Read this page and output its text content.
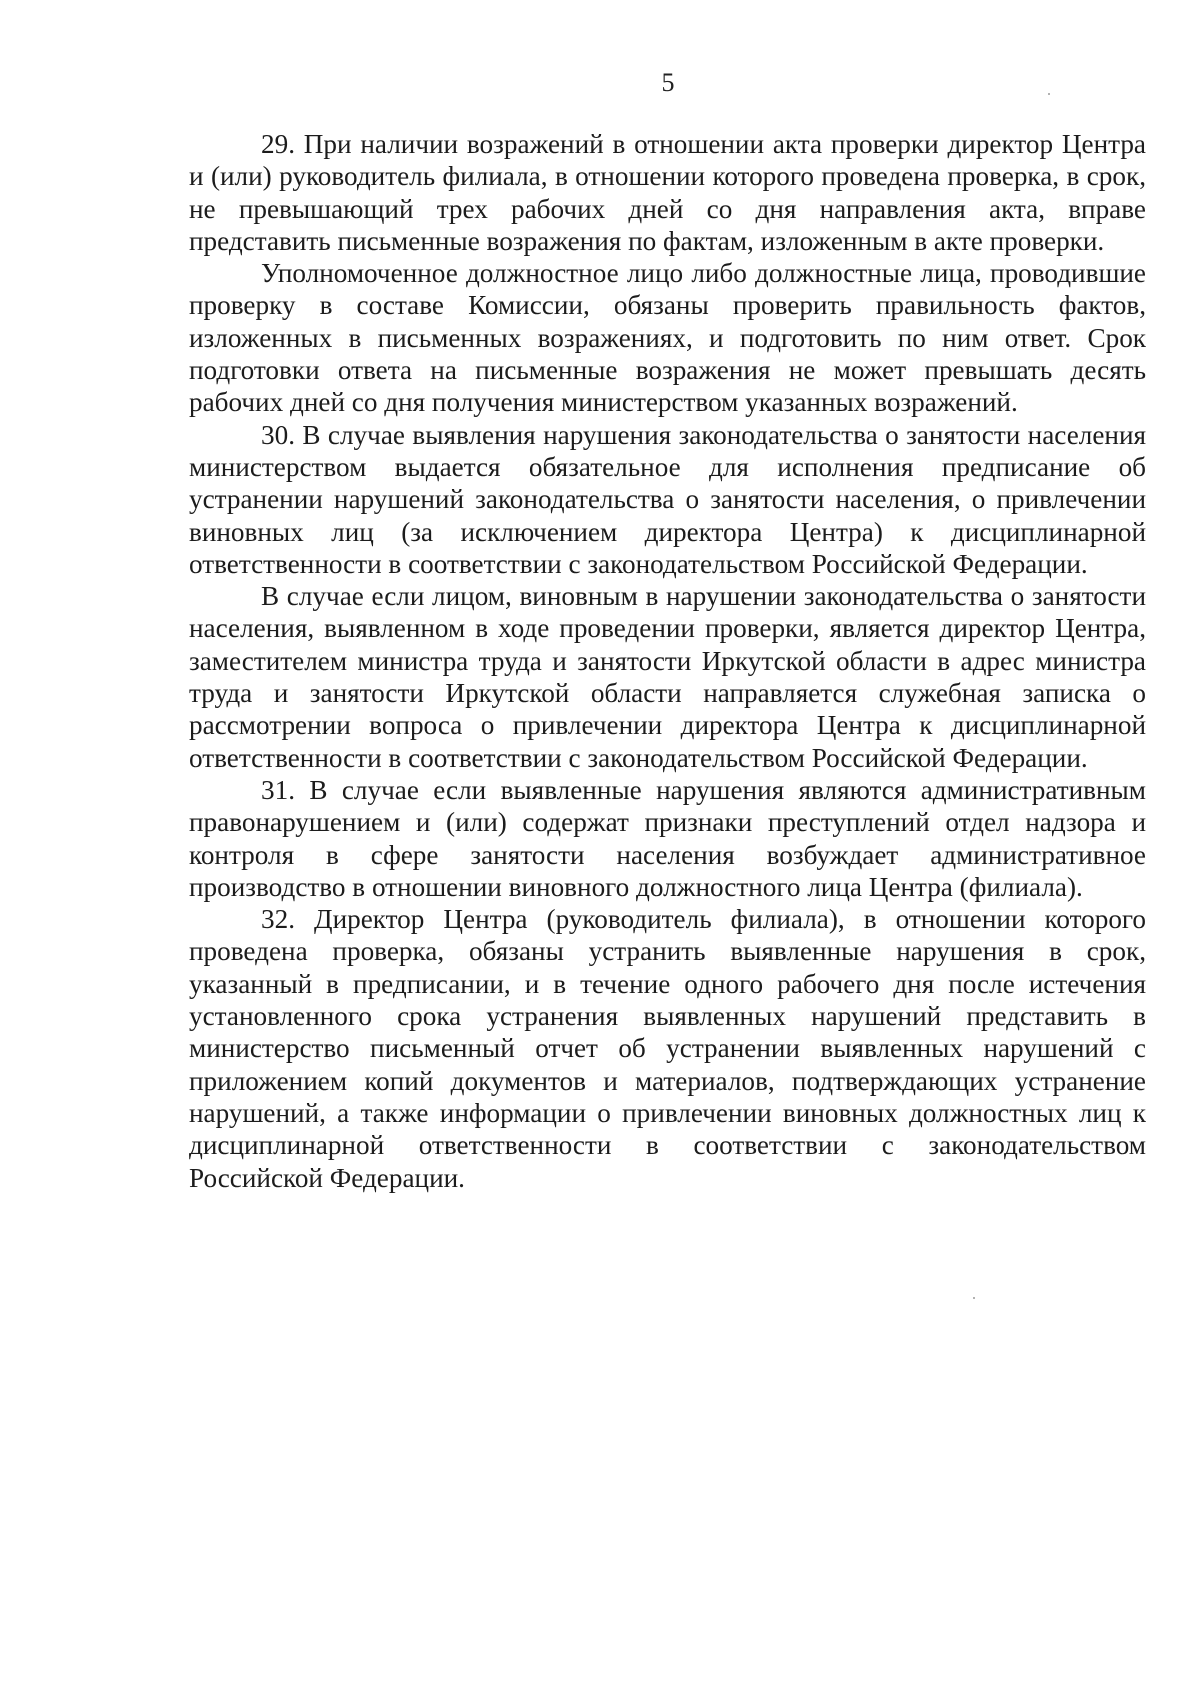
5

29. При наличии возражений в отношении акта проверки директор Центра и (или) руководитель филиала, в отношении которого проведена проверка, в срок, не превышающий трех рабочих дней со дня направления акта, вправе представить письменные возражения по фактам, изложенным в акте проверки.

Уполномоченное должностное лицо либо должностные лица, проводившие проверку в составе Комиссии, обязаны проверить правильность фактов, изложенных в письменных возражениях, и подготовить по ним ответ. Срок подготовки ответа на письменные возражения не может превышать десять рабочих дней со дня получения министерством указанных возражений.

30. В случае выявления нарушения законодательства о занятости населения министерством выдается обязательное для исполнения предписание об устранении нарушений законодательства о занятости населения, о привлечении виновных лиц (за исключением директора Центра) к дисциплинарной ответственности в соответствии с законодательством Российской Федерации.

В случае если лицом, виновным в нарушении законодательства о занятости населения, выявленном в ходе проведении проверки, является директор Центра, заместителем министра труда и занятости Иркутской области в адрес министра труда и занятости Иркутской области направляется служебная записка о рассмотрении вопроса о привлечении директора Центра к дисциплинарной ответственности в соответствии с законодательством Российской Федерации.

31. В случае если выявленные нарушения являются административным правонарушением и (или) содержат признаки преступлений отдел надзора и контроля в сфере занятости населения возбуждает административное производство в отношении виновного должностного лица Центра (филиала).

32. Директор Центра (руководитель филиала), в отношении которого проведена проверка, обязаны устранить выявленные нарушения в срок, указанный в предписании, и в течение одного рабочего дня после истечения установленного срока устранения выявленных нарушений представить в министерство письменный отчет об устранении выявленных нарушений с приложением копий документов и материалов, подтверждающих устранение нарушений, а также информации о привлечении виновных должностных лиц к дисциплинарной ответственности в соответствии с законодательством Российской Федерации.
